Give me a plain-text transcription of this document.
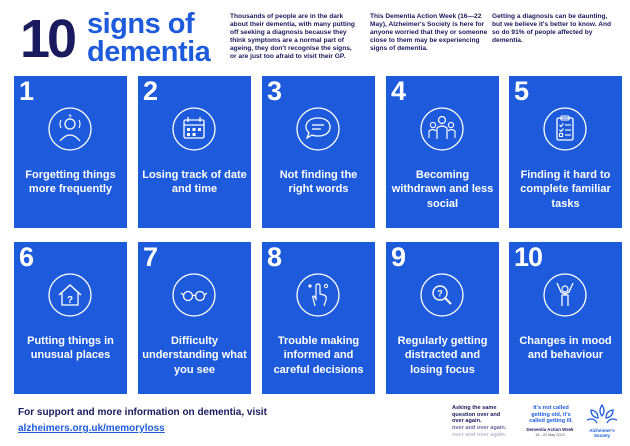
10 signs of
dementia
Thousands of people are in the dark about their dementia, with many putting off seeking a diagnosis because they think symptoms are a normal part of ageing, they don't recognise the signs, or are just too afraid to visit their GP.
This Dementia Action Week (16—22 May), Alzheimer's Society is here for anyone worried that they or someone close to them may be experiencing signs of dementia.
Getting a diagnosis can be daunting, but we believe it's better to know. And so do 91% of people affected by dementia.
1
?
Forgetting things more frequently
2
Losing track of date and time
3
Not finding the right words
4
Becoming withdrawn and less social
5
Finding it hard to complete familiar tasks
6
?
Putting things in unusual places
7
Difficulty understanding what you see
8
Trouble making informed and careful decisions
9
?
Regularly getting distracted and losing focus
10
Changes in mood and behaviour
For support and more information on dementia, visit
alzheimers.org.uk/memoryloss
Asking the same question over and over again.
over and over again.
over and over again.
It's not called getting old, it's called getting ill.
Dementia Action Week
16 - 22 May 2022
Alzheimer's Society
